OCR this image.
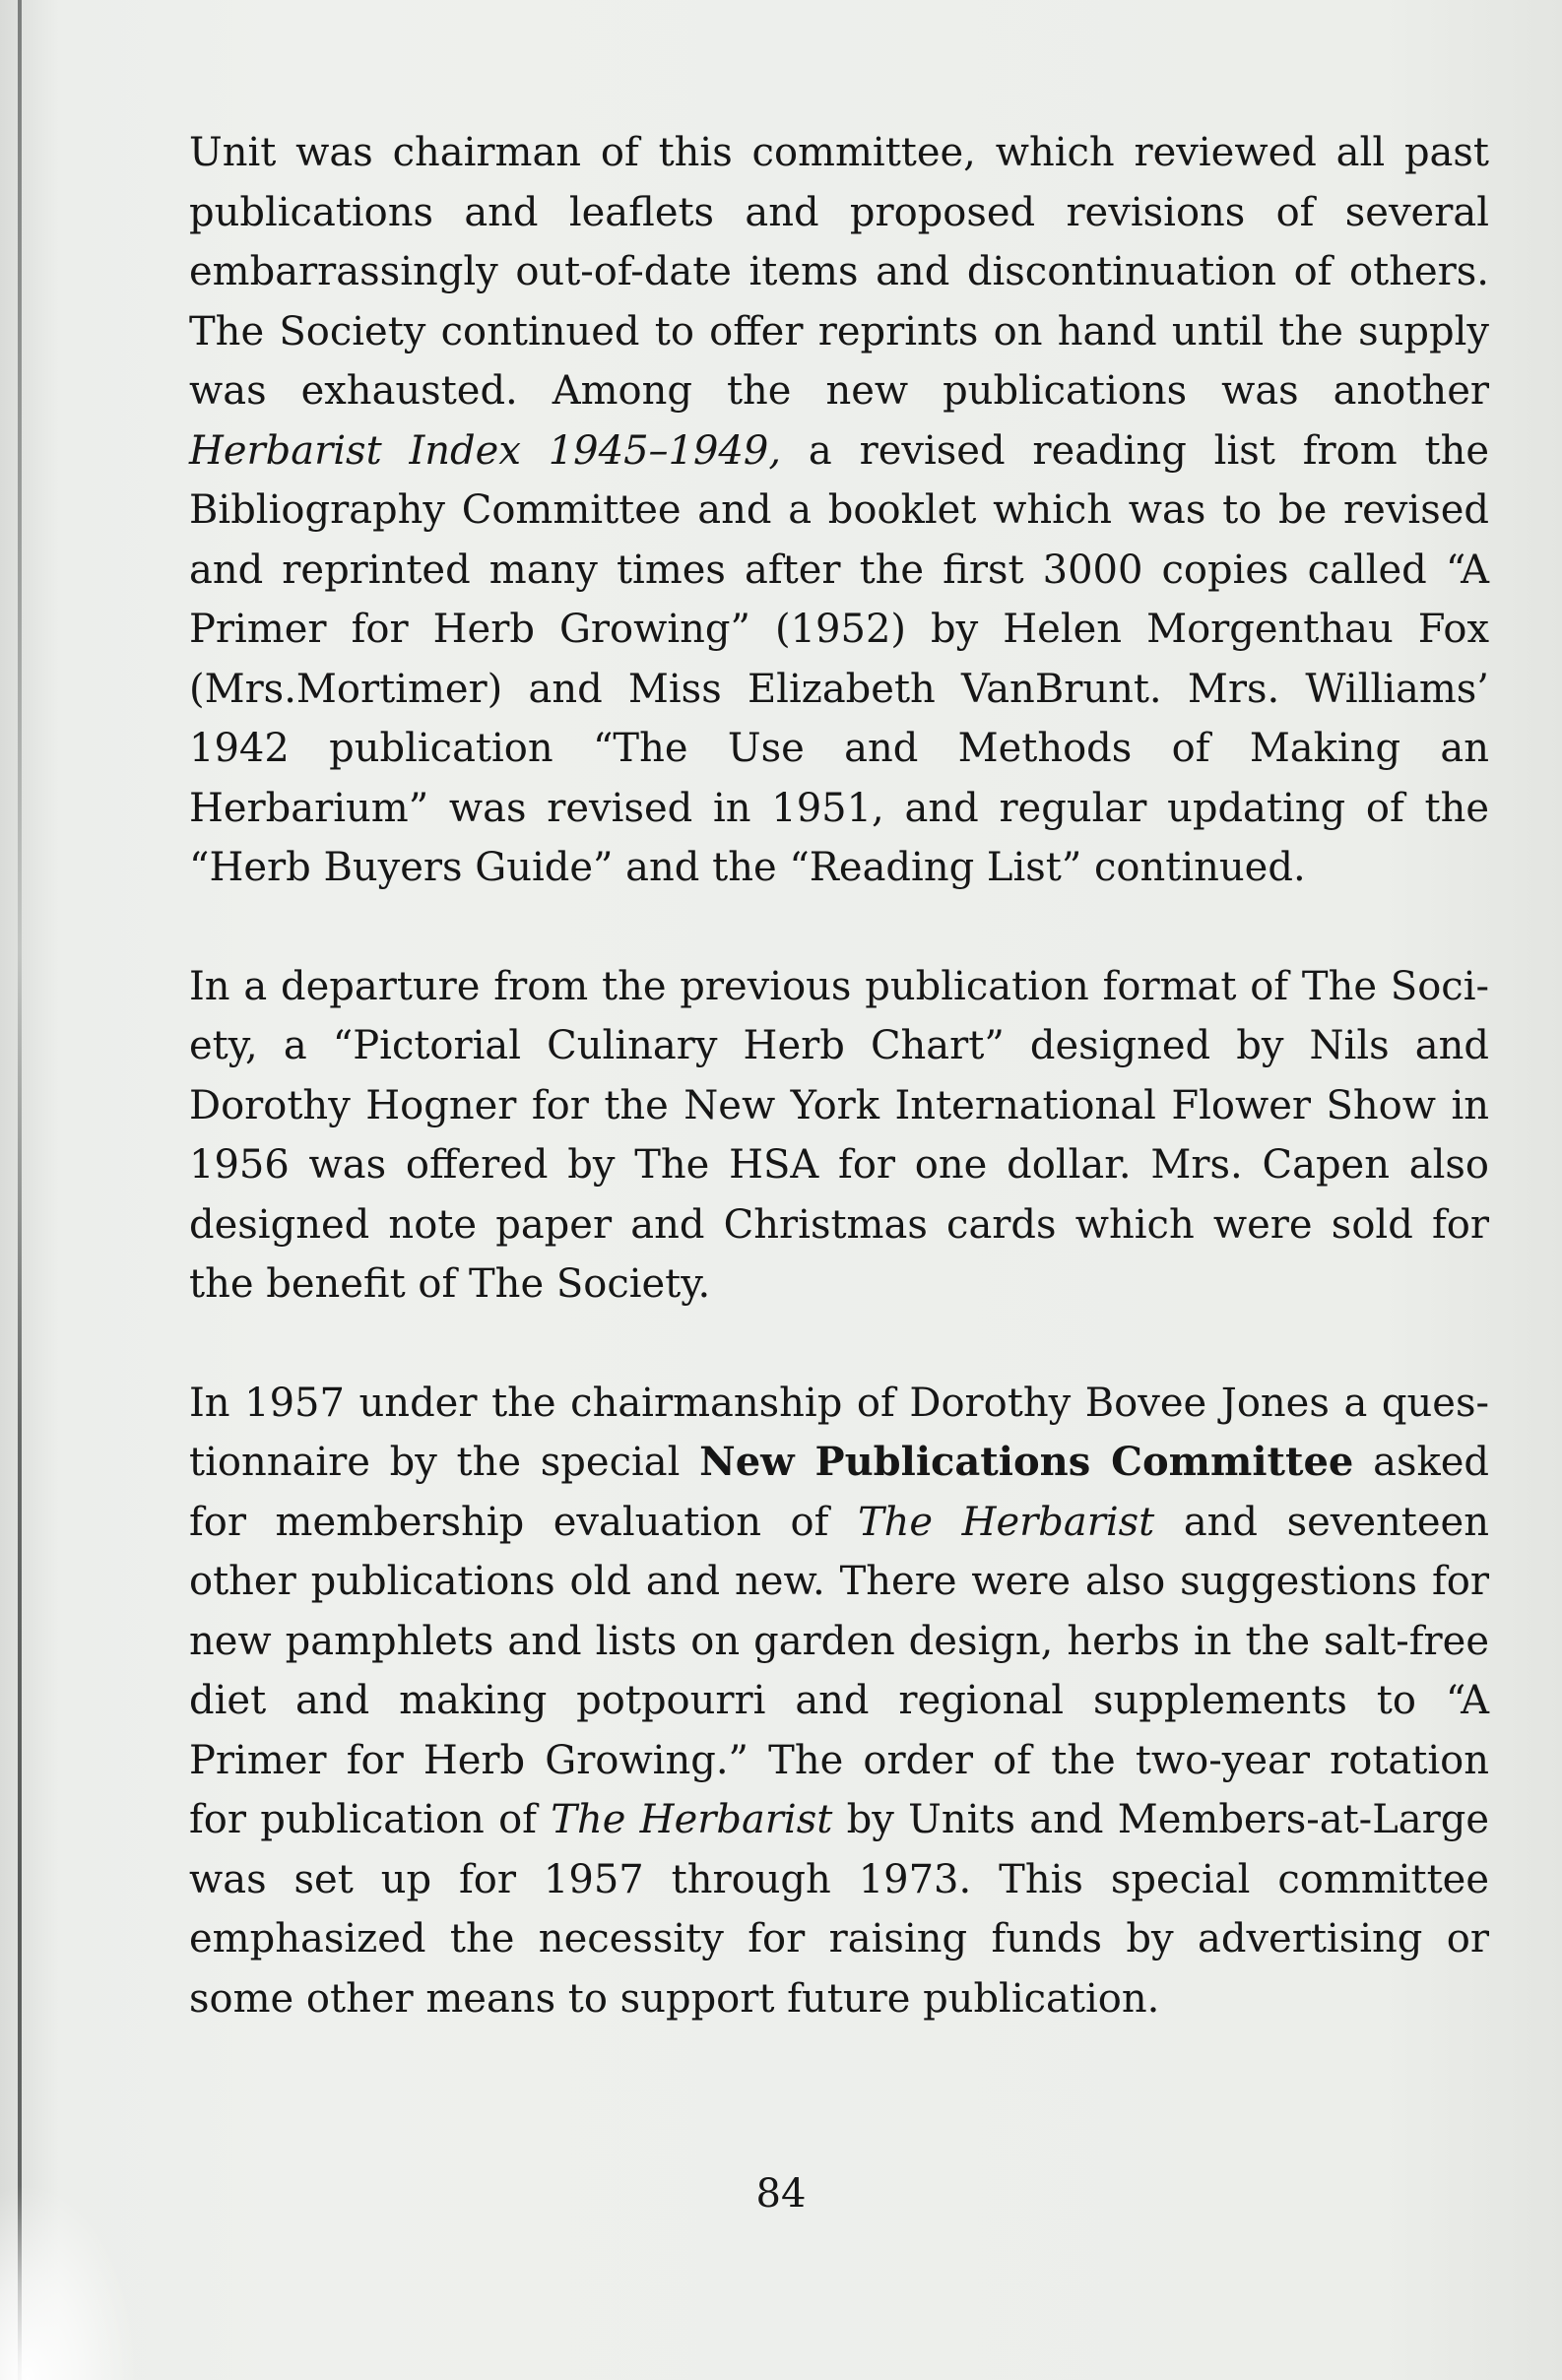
Unit was chairman of this committee, which reviewed all past publications and leaflets and proposed revisions of several embarrassingly out-of-date items and discontinuation of others. The Society continued to offer reprints on hand until the supply was exhausted. Among the new publications was another Herbarist Index 1945–1949, a revised reading list from the Bibliography Committee and a booklet which was to be revised and reprinted many times after the first 3000 copies called “A Primer for Herb Growing” (1952) by Helen Morgenthau Fox (Mrs.Mortimer) and Miss Elizabeth VanBrunt. Mrs. Williams’ 1942 publication “The Use and Methods of Making an Herbarium” was revised in 1951, and regular updating of the “Herb Buyers Guide” and the “Reading List” continued.

In a departure from the previous publication format of The Society, a “Pictorial Culinary Herb Chart” designed by Nils and Dorothy Hogner for the New York International Flower Show in 1956 was offered by The HSA for one dollar. Mrs. Capen also designed note paper and Christmas cards which were sold for the benefit of The Society.

In 1957 under the chairmanship of Dorothy Bovee Jones a questionnaire by the special New Publications Committee asked for membership evaluation of The Herbarist and seventeen other publications old and new. There were also suggestions for new pamphlets and lists on garden design, herbs in the salt-free diet and making potpourri and regional supplements to “A Primer for Herb Growing.” The order of the two-year rotation for publication of The Herbarist by Units and Members-at-Large was set up for 1957 through 1973. This special committee emphasized the necessity for raising funds by advertising or some other means to support future publication.

84
